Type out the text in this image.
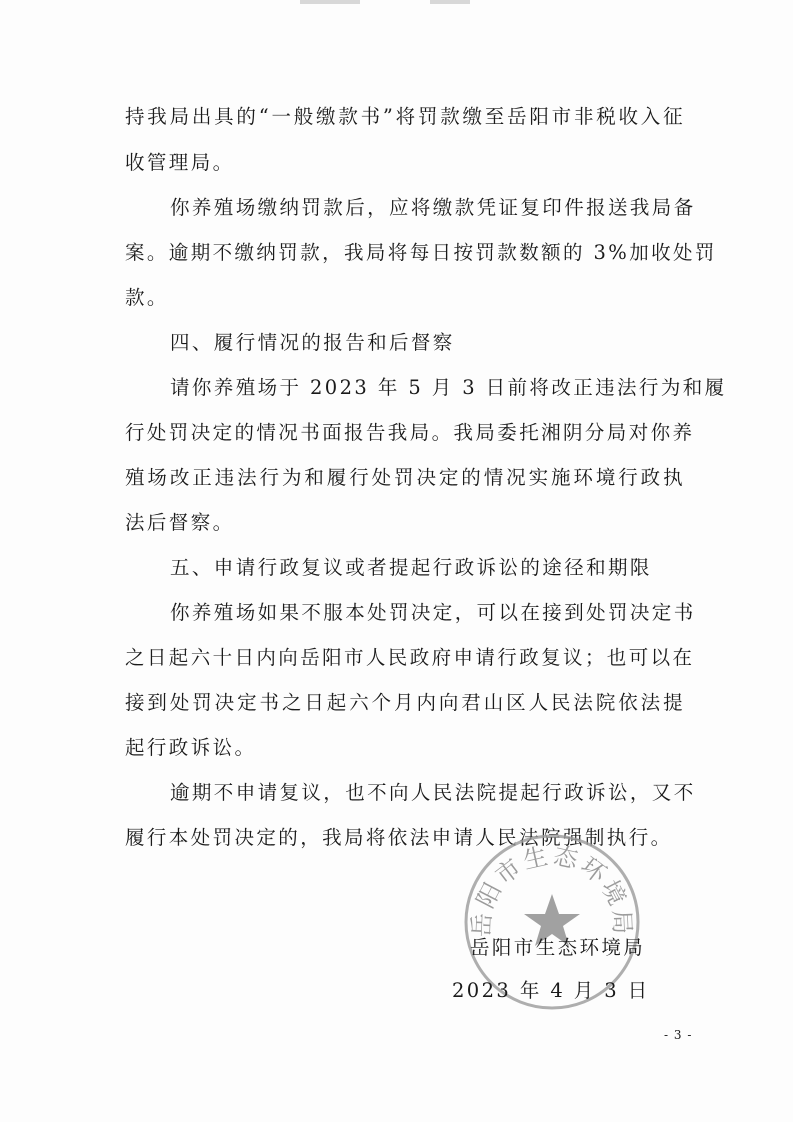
持我局出具的“一般缴款书”将罚款缴至岳阳市非税收入征
收管理局。
你养殖场缴纳罚款后，应将缴款凭证复印件报送我局备
案。逾期不缴纳罚款，我局将每日按罚款数额的 3%加收处罚
款。
四、履行情况的报告和后督察
请你养殖场于 2023 年 5 月 3 日前将改正违法行为和履
行处罚决定的情况书面报告我局。我局委托湘阴分局对你养
殖场改正违法行为和履行处罚决定的情况实施环境行政执
法后督察。
五、申请行政复议或者提起行政诉讼的途径和期限
你养殖场如果不服本处罚决定，可以在接到处罚决定书
之日起六十日内向岳阳市人民政府申请行政复议；也可以在
接到处罚决定书之日起六个月内向君山区人民法院依法提
起行政诉讼。
逾期不申请复议，也不向人民法院提起行政诉讼，又不
履行本处罚决定的，我局将依法申请人民法院强制执行。
岳阳市生态环境局
岳阳市生态环境局
2023 年 4 月 3 日
- 3 -
